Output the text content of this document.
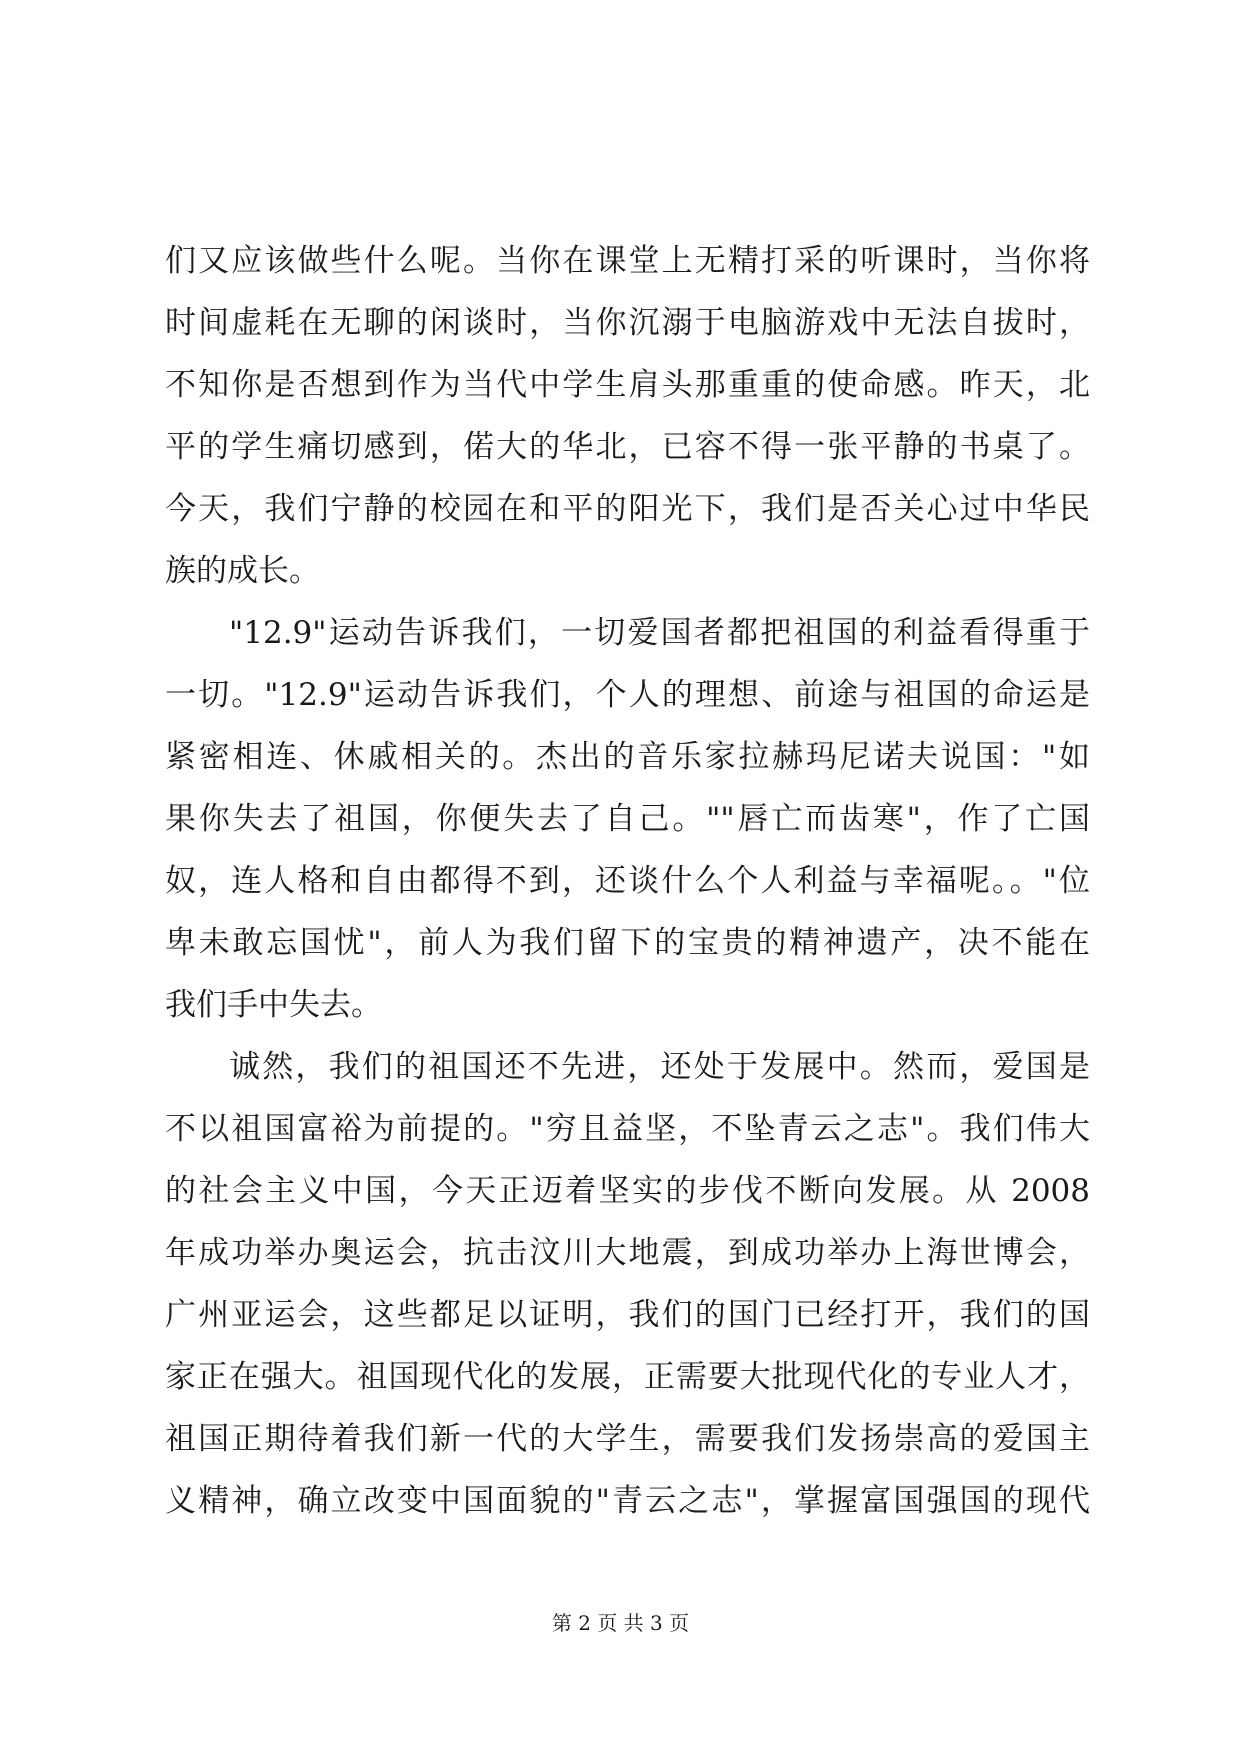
们又应该做些什么呢。当你在课堂上无精打采的听课时，当你将
时间虚耗在无聊的闲谈时，当你沉溺于电脑游戏中无法自拔时，
不知你是否想到作为当代中学生肩头那重重的使命感。昨天，北
平的学生痛切感到，偌大的华北，已容不得一张平静的书桌了。
今天，我们宁静的校园在和平的阳光下，我们是否关心过中华民
族的成长。
"12.9"运动告诉我们，一切爱国者都把祖国的利益看得重于
一切。"12.9"运动告诉我们，个人的理想、前途与祖国的命运是
紧密相连、休戚相关的。杰出的音乐家拉赫玛尼诺夫说国："如
果你失去了祖国，你便失去了自己。""唇亡而齿寒"，作了亡国
奴，连人格和自由都得不到，还谈什么个人利益与幸福呢。。"位
卑未敢忘国忧"，前人为我们留下的宝贵的精神遗产，决不能在
我们手中失去。
诚然，我们的祖国还不先进，还处于发展中。然而，爱国是
不以祖国富裕为前提的。"穷且益坚，不坠青云之志"。我们伟大
的社会主义中国，今天正迈着坚实的步伐不断向发展。从 2008
年成功举办奥运会，抗击汶川大地震，到成功举办上海世博会，
广州亚运会，这些都足以证明，我们的国门已经打开，我们的国
家正在强大。祖国现代化的发展，正需要大批现代化的专业人才，
祖国正期待着我们新一代的大学生，需要我们发扬崇高的爱国主
义精神，确立改变中国面貌的"青云之志"，掌握富国强国的现代
第 2 页 共 3 页
